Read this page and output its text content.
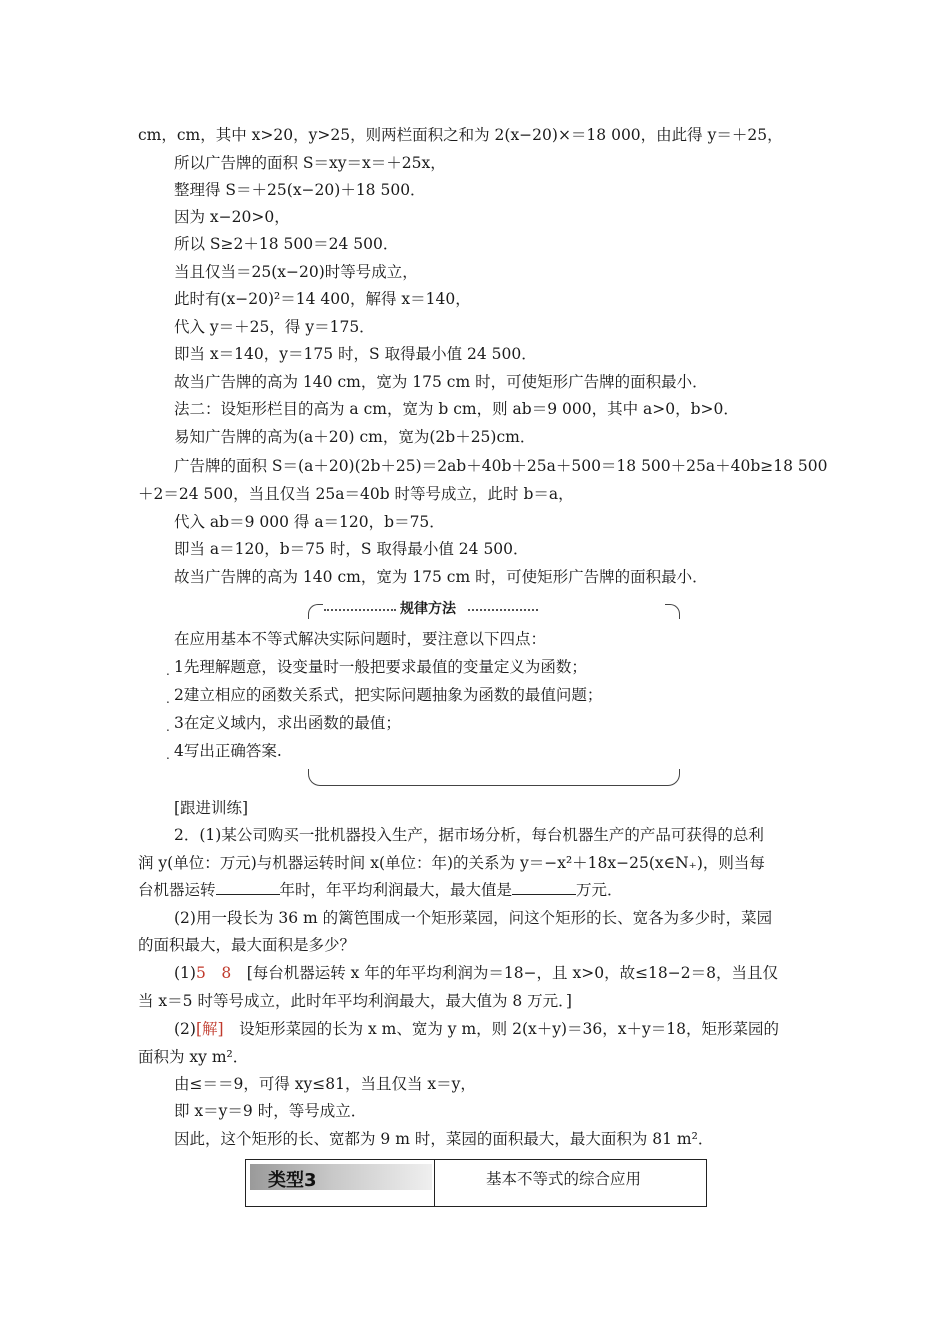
cm，cm，其中 x>20，y>25，则两栏面积之和为 2(x−20)×＝18 000，由此得 y＝＋25，
所以广告牌的面积 S＝xy＝x＝＋25x，
整理得 S＝＋25(x−20)＋18 500．
因为 x−20>0，
所以 S≥2＋18 500＝24 500．
当且仅当＝25(x−20)时等号成立，
此时有(x−20)²＝14 400，解得 x＝140，
代入 y＝＋25，得 y＝175．
即当 x＝140，y＝175 时，S 取得最小值 24 500．
故当广告牌的高为 140 cm，宽为 175 cm 时，可使矩形广告牌的面积最小．
法二：设矩形栏目的高为 a cm，宽为 b cm，则 ab＝9 000，其中 a>0，b>0．
易知广告牌的高为(a＋20) cm，宽为(2b＋25)cm．
广告牌的面积 S＝(a＋20)(2b＋25)＝2ab＋40b＋25a＋500＝18 500＋25a＋40b≥18 500
＋2＝24 500，当且仅当 25a＝40b 时等号成立，此时 b＝a，
代入 ab＝9 000 得 a＝120，b＝75．
即当 a＝120，b＝75 时，S 取得最小值 24 500．
故当广告牌的高为 140 cm，宽为 175 cm 时，可使矩形广告牌的面积最小．
规律方法
在应用基本不等式解决实际问题时，要注意以下四点：
. 1先理解题意，设变量时一般把要求最值的变量定义为函数；
. 2建立相应的函数关系式，把实际问题抽象为函数的最值问题；
. 3在定义域内，求出函数的最值；
. 4写出正确答案.
[跟进训练]
2．(1)某公司购买一批机器投入生产，据市场分析，每台机器生产的产品可获得的总利
润 y(单位：万元)与机器运转时间 x(单位：年)的关系为 y＝−x²＋18x−25(x∈N₊)，则当每
台机器运转	年时，年平均利润最大，最大值是	万元．
(2)用一段长为 36 m 的篱笆围成一个矩形菜园，问这个矩形的长、宽各为多少时，菜园
的面积最大，最大面积是多少？
(1)5　8　[每台机器运转 x 年的年平均利润为＝18−，且 x>0，故≤18−2＝8，当且仅
当 x＝5 时等号成立，此时年平均利润最大，最大值为 8 万元．]
(2)[解]　设矩形菜园的长为 x m、宽为 y m，则 2(x＋y)＝36，x＋y＝18，矩形菜园的
面积为 xy m²．
由≤＝＝9，可得 xy≤81，当且仅当 x＝y，
即 x＝y＝9 时，等号成立．
因此，这个矩形的长、宽都为 9 m 时，菜园的面积最大，最大面积为 81 m²．
类型3	基本不等式的综合应用
